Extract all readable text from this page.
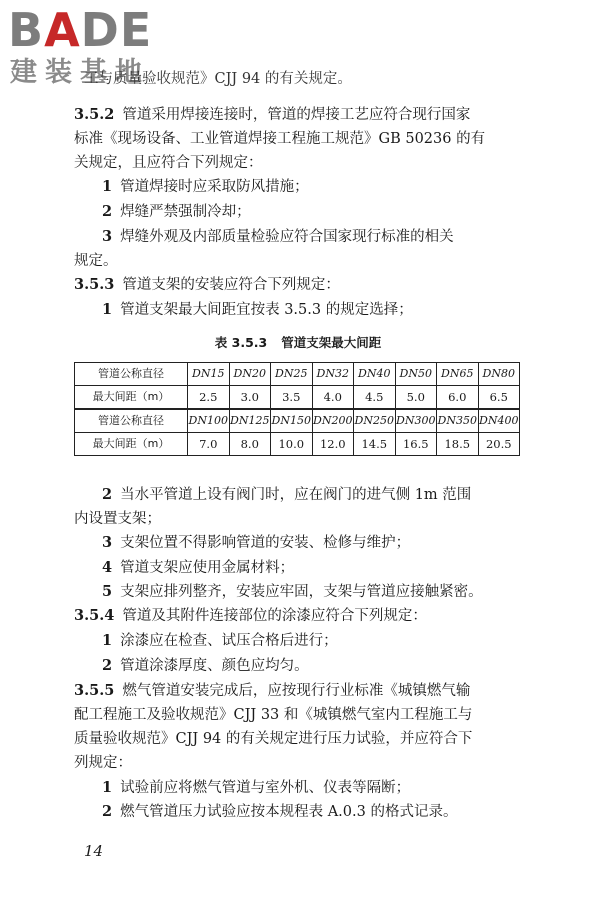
BADE
建装基地
工与质量验收规范》CJJ 94 的有关规定。
3.5.2 管道采用焊接连接时，管道的焊接工艺应符合现行国家
标准《现场设备、工业管道焊接工程施工规范》GB 50236 的有
关规定，且应符合下列规定：
1 管道焊接时应采取防风措施；
2 焊缝严禁强制冷却；
3 焊缝外观及内部质量检验应符合国家现行标准的相关
规定。
3.5.3 管道支架的安装应符合下列规定：
1 管道支架最大间距宜按表 3.5.3 的规定选择；
表 3.5.3 管道支架最大间距
管道公称直径	DN15	DN20	DN25	DN32	DN40	DN50	DN65	DN80
最大间距（m）	2.5	3.0	3.5	4.0	4.5	5.0	6.0	6.5
管道公称直径	DN100	DN125	DN150	DN200	DN250	DN300	DN350	DN400
最大间距（m）	7.0	8.0	10.0	12.0	14.5	16.5	18.5	20.5
2 当水平管道上设有阀门时，应在阀门的进气侧 1m 范围
内设置支架；
3 支架位置不得影响管道的安装、检修与维护；
4 管道支架应使用金属材料；
5 支架应排列整齐，安装应牢固，支架与管道应接触紧密。
3.5.4 管道及其附件连接部位的涂漆应符合下列规定：
1 涂漆应在检查、试压合格后进行；
2 管道涂漆厚度、颜色应均匀。
3.5.5 燃气管道安装完成后，应按现行行业标准《城镇燃气输
配工程施工及验收规范》CJJ 33 和《城镇燃气室内工程施工与
质量验收规范》CJJ 94 的有关规定进行压力试验，并应符合下
列规定：
1 试验前应将燃气管道与室外机、仪表等隔断；
2 燃气管道压力试验应按本规程表 A.0.3 的格式记录。
14
